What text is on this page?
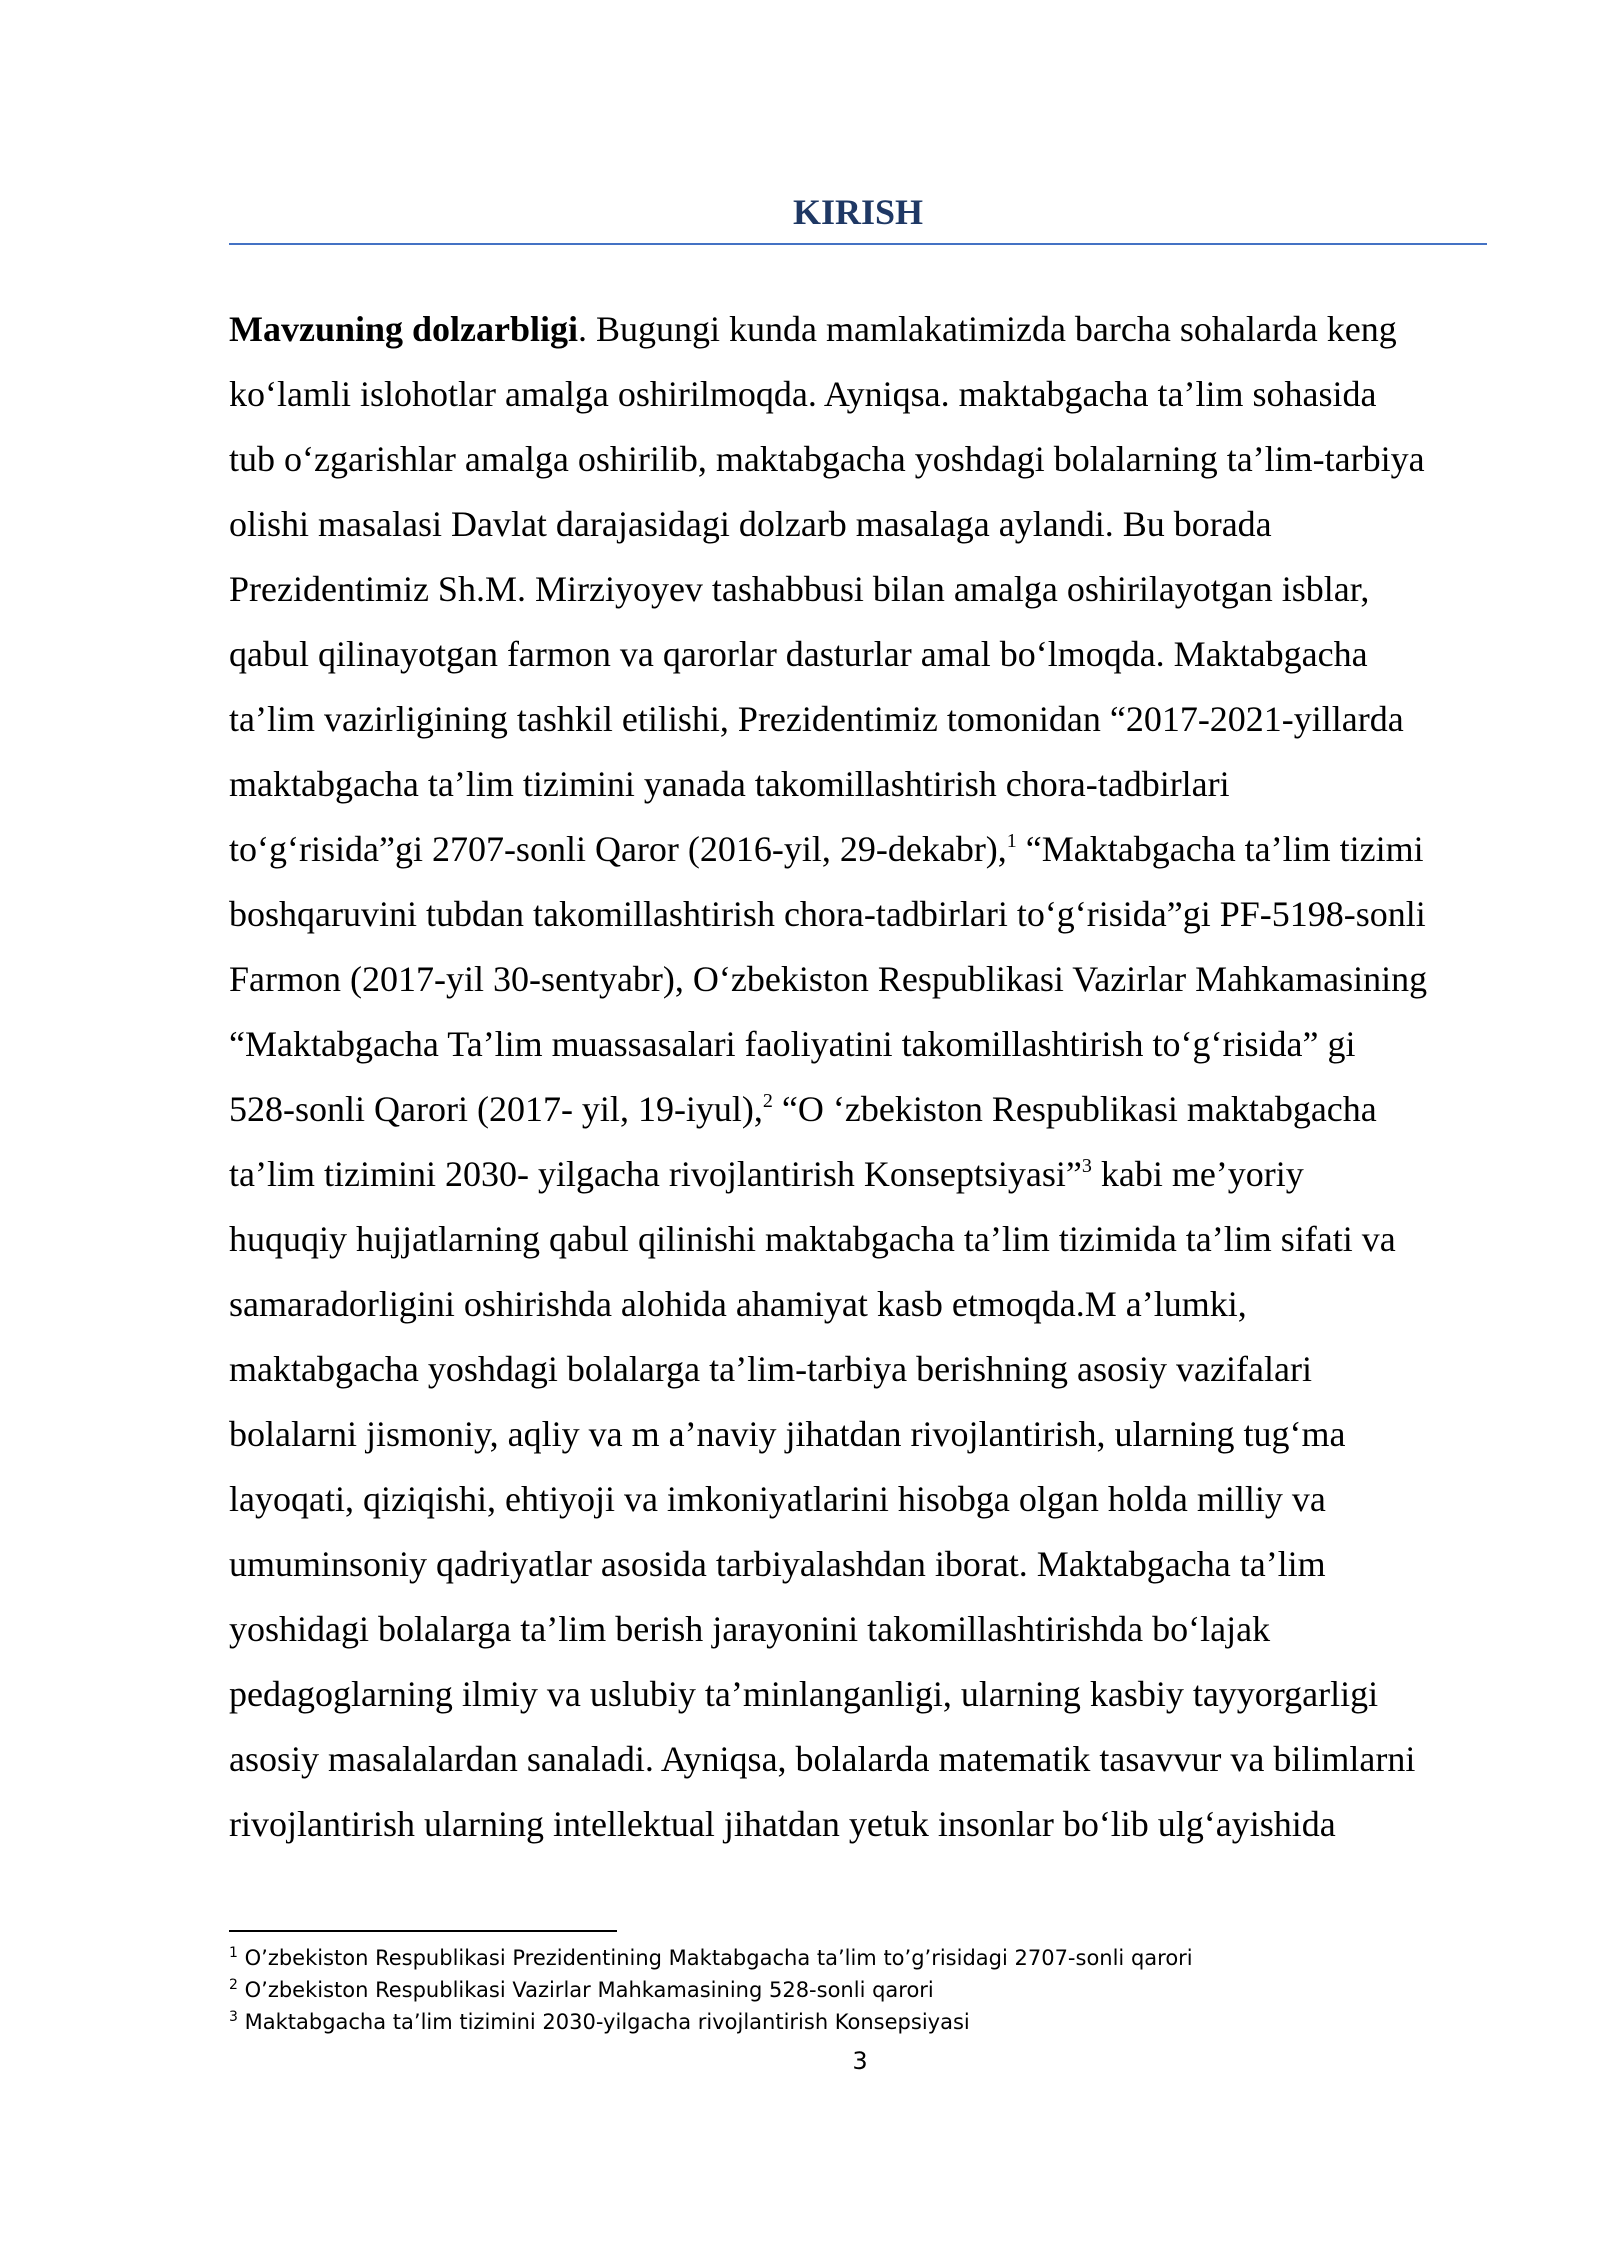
KIRISH
Mavzuning dolzarbligi. Bugungi kunda mamlakatimizda barcha sohalarda keng
ko‘lamli islohotlar amalga oshirilmoqda. Ayniqsa. maktabgacha ta’lim sohasida
tub o‘zgarishlar amalga oshirilib, maktabgacha yoshdagi bolalarning ta’lim-tarbiya
olishi masalasi Davlat darajasidagi dolzarb masalaga aylandi. Bu borada
Prezidentimiz Sh.M. Mirziyoyev tashabbusi bilan amalga oshirilayotgan isblar,
qabul qilinayotgan farmon va qarorlar dasturlar amal bo‘lmoqda. Maktabgacha
ta’lim vazirligining tashkil etilishi, Prezidentimiz tomonidan “2017-2021-yillarda
maktabgacha ta’lim tizimini yanada takomillashtirish chora-tadbirlari
to‘g‘risida”gi 2707-sonli Qaror (2016-yil, 29-dekabr),$^1$ “Maktabgacha ta’lim tizimi
boshqaruvini tubdan takomillashtirish chora-tadbirlari to‘g‘risida”gi PF-5198-sonli
Farmon (2017-yil 30-sentyabr), O‘zbekiston Respublikasi Vazirlar Mahkamasining
“Maktabgacha Ta’lim muassasalari faoliyatini takomillashtirish to‘g‘risida” gi
528-sonli Qarori (2017- yil, 19-iyul),$^2$ “O ‘zbekiston Respublikasi maktabgacha
ta’lim tizimini 2030- yilgacha rivojlantirish Konseptsiyasi”$^3$ kabi me’yoriy
huquqiy hujjatlarning qabul qilinishi maktabgacha ta’lim tizimida ta’lim sifati va
samaradorligini oshirishda alohida ahamiyat kasb etmoqda.M a’lumki,
maktabgacha yoshdagi bolalarga ta’lim-tarbiya berishning asosiy vazifalari
bolalarni jismoniy, aqliy va m a’naviy jihatdan rivojlantirish, ularning tug‘ma
layoqati, qiziqishi, ehtiyoji va imkoniyatlarini hisobga olgan holda milliy va
umuminsoniy qadriyatlar asosida tarbiyalashdan iborat. Maktabgacha ta’lim
yoshidagi bolalarga ta’lim berish jarayonini takomillashtirishda bo‘lajak
pedagoglarning ilmiy va uslubiy ta’minlanganligi, ularning kasbiy tayyorgarligi
asosiy masalalardan sanaladi. Ayniqsa, bolalarda matematik tasavvur va bilimlarni
rivojlantirish ularning intellektual jihatdan yetuk insonlar bo‘lib ulg‘ayishida
$^1$ O’zbekiston Respublikasi Prezidentining Maktabgacha ta’lim to’g’risidagi 2707-sonli qarori
$^2$ O’zbekiston Respublikasi Vazirlar Mahkamasining 528-sonli qarori
$^3$ Maktabgacha ta’lim tizimini 2030-yilgacha rivojlantirish Konsepsiyasi
3
